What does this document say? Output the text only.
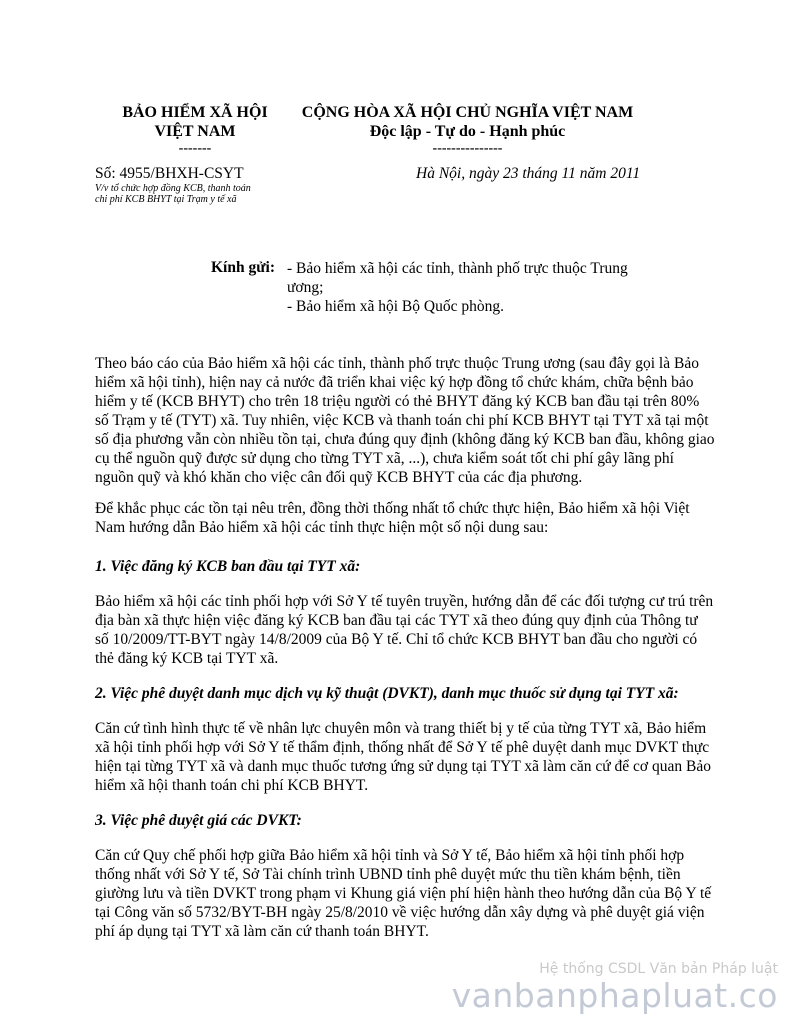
BẢO HIỂM XÃ HỘI
VIỆT NAM
-------
CỘNG HÒA XÃ HỘI CHỦ NGHĨA VIỆT NAM
Độc lập - Tự do - Hạnh phúc
---------------
Số: 4955/BHXH-CSYT
V/v tổ chức hợp đồng KCB, thanh toán
chi phí KCB BHYT tại Trạm y tế xã
Hà Nội, ngày 23 tháng 11 năm 2011
Kính gửi: - Bảo hiểm xã hội các tỉnh, thành phố trực thuộc Trung
ương;
- Bảo hiểm xã hội Bộ Quốc phòng.
Theo báo cáo của Bảo hiểm xã hội các tỉnh, thành phố trực thuộc Trung ương (sau đây gọi là Bảo hiểm xã hội tỉnh), hiện nay cả nước đã triển khai việc ký hợp đồng tổ chức khám, chữa bệnh bảo hiểm y tế (KCB BHYT) cho trên 18 triệu người có thẻ BHYT đăng ký KCB ban đầu tại trên 80% số Trạm y tế (TYT) xã. Tuy nhiên, việc KCB và thanh toán chi phí KCB BHYT tại TYT xã tại một số địa phương vẫn còn nhiều tồn tại, chưa đúng quy định (không đăng ký KCB ban đầu, không giao cụ thể nguồn quỹ được sử dụng cho từng TYT xã, ...), chưa kiểm soát tốt chi phí gây lãng phí nguồn quỹ và khó khăn cho việc cân đối quỹ KCB BHYT của các địa phương.
Để khắc phục các tồn tại nêu trên, đồng thời thống nhất tổ chức thực hiện, Bảo hiểm xã hội Việt Nam hướng dẫn Bảo hiểm xã hội các tỉnh thực hiện một số nội dung sau:
1. Việc đăng ký KCB ban đầu tại TYT xã:
Bảo hiểm xã hội các tỉnh phối hợp với Sở Y tế tuyên truyền, hướng dẫn để các đối tượng cư trú trên địa bàn xã thực hiện việc đăng ký KCB ban đầu tại các TYT xã theo đúng quy định của Thông tư số 10/2009/TT-BYT ngày 14/8/2009 của Bộ Y tế. Chỉ tổ chức KCB BHYT ban đầu cho người có thẻ đăng ký KCB tại TYT xã.
2. Việc phê duyệt danh mục dịch vụ kỹ thuật (DVKT), danh mục thuốc sử dụng tại TYT xã:
Căn cứ tình hình thực tế về nhân lực chuyên môn và trang thiết bị y tế của từng TYT xã, Bảo hiểm xã hội tỉnh phối hợp với Sở Y tế thẩm định, thống nhất để Sở Y tế phê duyệt danh mục DVKT thực hiện tại từng TYT xã và danh mục thuốc tương ứng sử dụng tại TYT xã làm căn cứ để cơ quan Bảo hiểm xã hội thanh toán chi phí KCB BHYT.
3. Việc phê duyệt giá các DVKT:
Căn cứ Quy chế phối hợp giữa Bảo hiểm xã hội tỉnh và Sở Y tế, Bảo hiểm xã hội tỉnh phối hợp thống nhất với Sở Y tế, Sở Tài chính trình UBND tỉnh phê duyệt mức thu tiền khám bệnh, tiền giường lưu và tiền DVKT trong phạm vi Khung giá viện phí hiện hành theo hướng dẫn của Bộ Y tế tại Công văn số 5732/BYT-BH ngày 25/8/2010 về việc hướng dẫn xây dựng và phê duyệt giá viện phí áp dụng tại TYT xã làm căn cứ thanh toán BHYT.
Hệ thống CSDL Văn bản Pháp luật
vanbanphapluat.co
